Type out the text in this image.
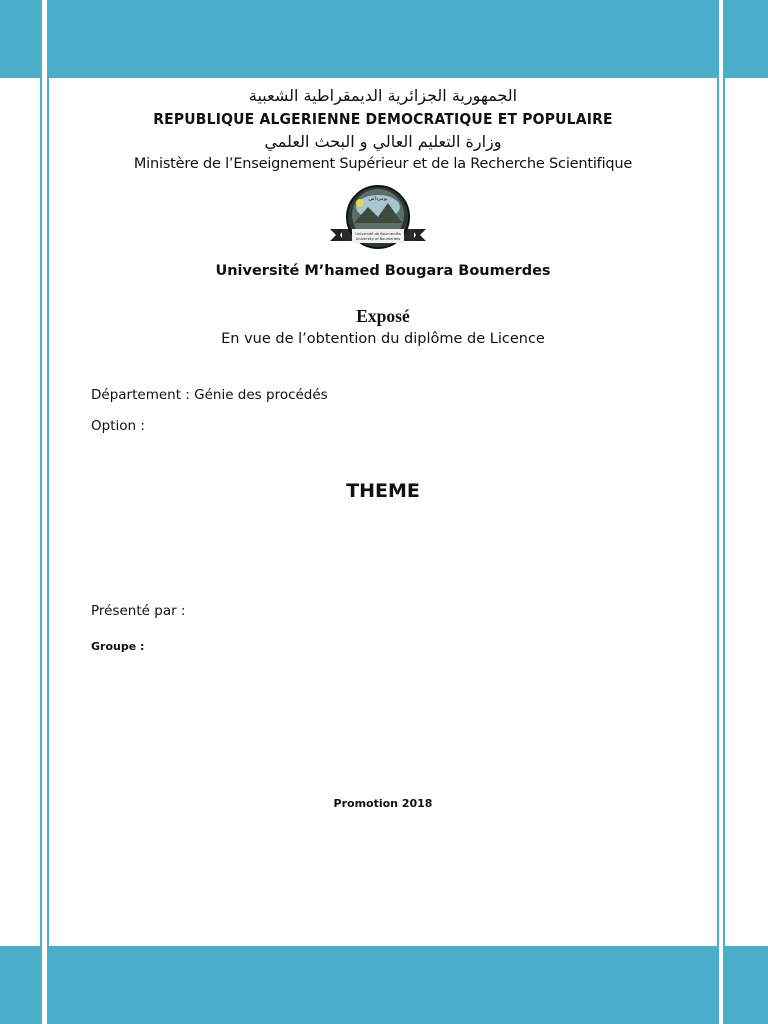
الجمهورية الجزائرية الديمقراطية الشعبية
REPUBLIQUE ALGERIENNE DEMOCRATIQUE ET POPULAIRE
وزارة التعليم العالي و البحث العلمي
Ministère de l’Enseignement Supérieur et de la Recherche Scientifique
بومرداس
Université de Boumerdès
University of Boumerdes
Université M’hamed Bougara Boumerdes
Exposé
En vue de l’obtention du diplôme de Licence
Département : Génie des procédés
Option :
THEME
Présenté par :
Groupe :
Promotion 2018
